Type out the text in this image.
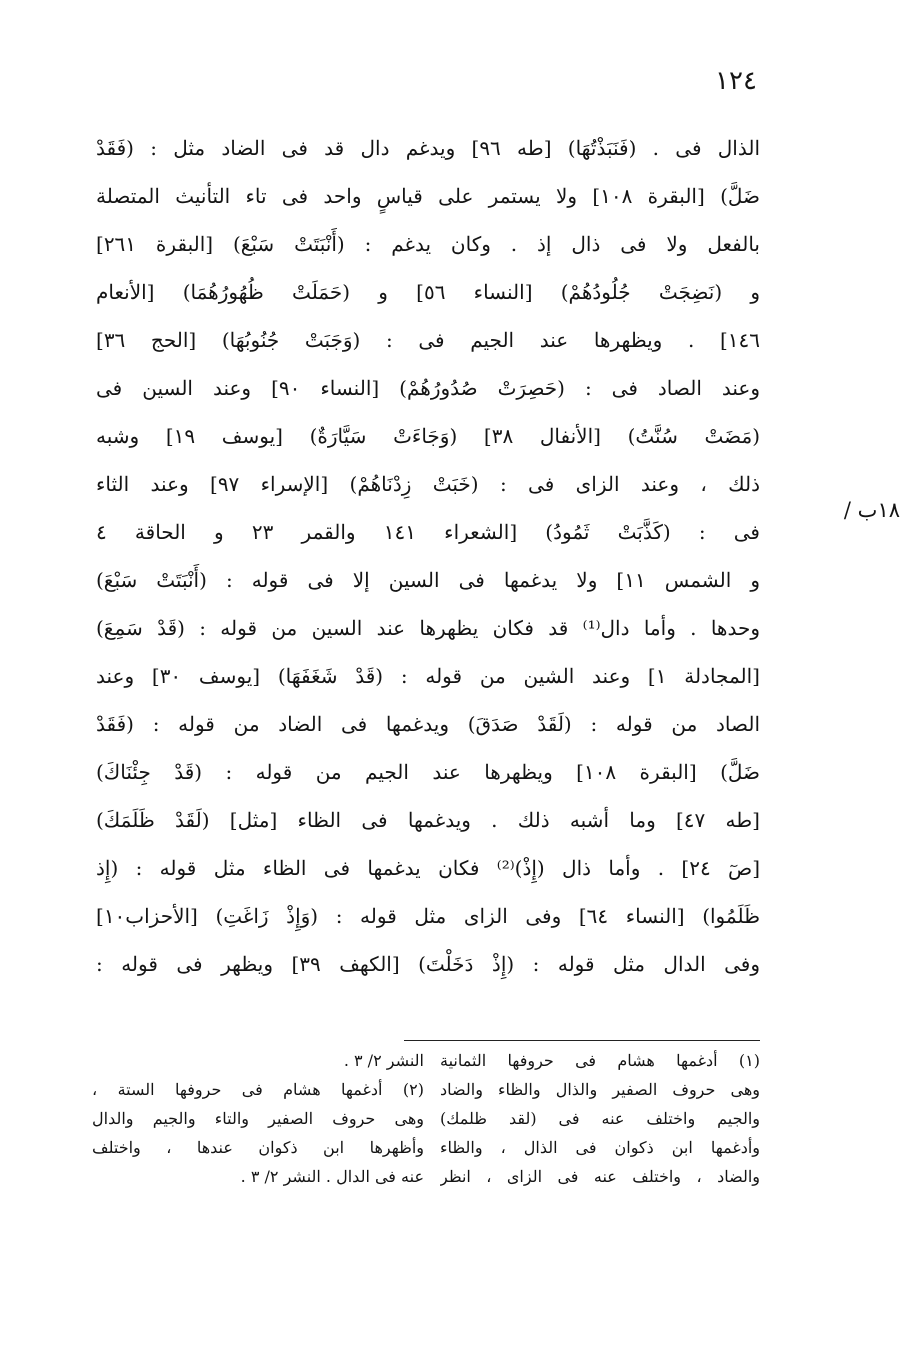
١٢٤
١٨ب /
الذال فى . (فَنَبَذْتُهَا) [طه ٩٦] ويدغم دال قد فى الضاد مثل : (فَقَدْ
ضَلَّ) [البقرة ١٠٨] ولا يستمر على قياسٍ واحد فى تاء التأنيث المتصلة
بالفعل ولا فى ذال إذ . وكان يدغم : (أَنْبَتَتْ سَبْعَ) [البقرة ٢٦١]
و (نَضِجَتْ جُلُودُهُمْ) [النساء ٥٦] و (حَمَلَتْ ظُهُورُهُمَا) [الأنعام
١٤٦] . ويظهرها عند الجيم فى : (وَجَبَتْ جُنُوبُهَا) [الحج ٣٦]
وعند الصاد فى : (حَصِرَتْ صُدُورُهُمْ) [النساء ٩٠] وعند السين فى
(مَضَتْ سُنَّتُ) [الأنفال ٣٨] (وَجَاءَتْ سَيَّارَةٌ) [يوسف ١٩] وشبه
ذلك ، وعند الزاى فى : (خَبَتْ زِدْنَاهُمْ) [الإسراء ٩٧] وعند الثاء
فى : (كَذَّبَتْ ثَمُودُ) [الشعراء ١٤١ والقمر ٢٣ و الحاقة ٤
و الشمس ١١] ولا يدغمها فى السين إلا فى قوله : (أَنْبَتَتْ سَبْعَ)
وحدها . وأما دال⁽¹⁾ قد فكان يظهرها عند السين من قوله : (قَدْ سَمِعَ)
[المجادلة ١] وعند الشين من قوله : (قَدْ شَغَفَهَا) [يوسف ٣٠] وعند
الصاد من قوله : (لَقَدْ صَدَقَ) ويدغمها فى الضاد من قوله : (فَقَدْ
ضَلَّ) [البقرة ١٠٨] ويظهرها عند الجيم من قوله : (قَدْ جِئْنَاكَ)
[طه ٤٧] وما أشبه ذلك . ويدغمها فى الظاء [مثل] (لَقَدْ ظَلَمَكَ)
[صٓ ٢٤] . وأما ذال (إِذْ)⁽²⁾ فكان يدغمها فى الظاء مثل قوله : (إِذ
ظَلَمُوا) [النساء ٦٤] وفى الزاى مثل قوله : (وَإِذْ زَاغَتِ) [الأحزاب١٠]
وفى الدال مثل قوله : (إِذْ دَخَلْتَ) [الكهف ٣٩] ويظهر فى قوله :
(١) أدغمها هشام فى حروفها الثمانية
وهى حروف الصفير والذال والظاء والضاد
والجيم واختلف عنه فى (لقد ظلمك)
وأدغمها ابن ذكوان فى الذال ، والظاء
والضاد ، واختلف عنه فى الزاى ، انظر
النشر ٢/ ٣ .
(٢) أدغمها هشام فى حروفها الستة ،
وهى حروف الصفير والتاء والجيم والدال
وأظهرها ابن ذكوان عندها ، واختلف
عنه فى الدال . النشر ٢/ ٣ .
